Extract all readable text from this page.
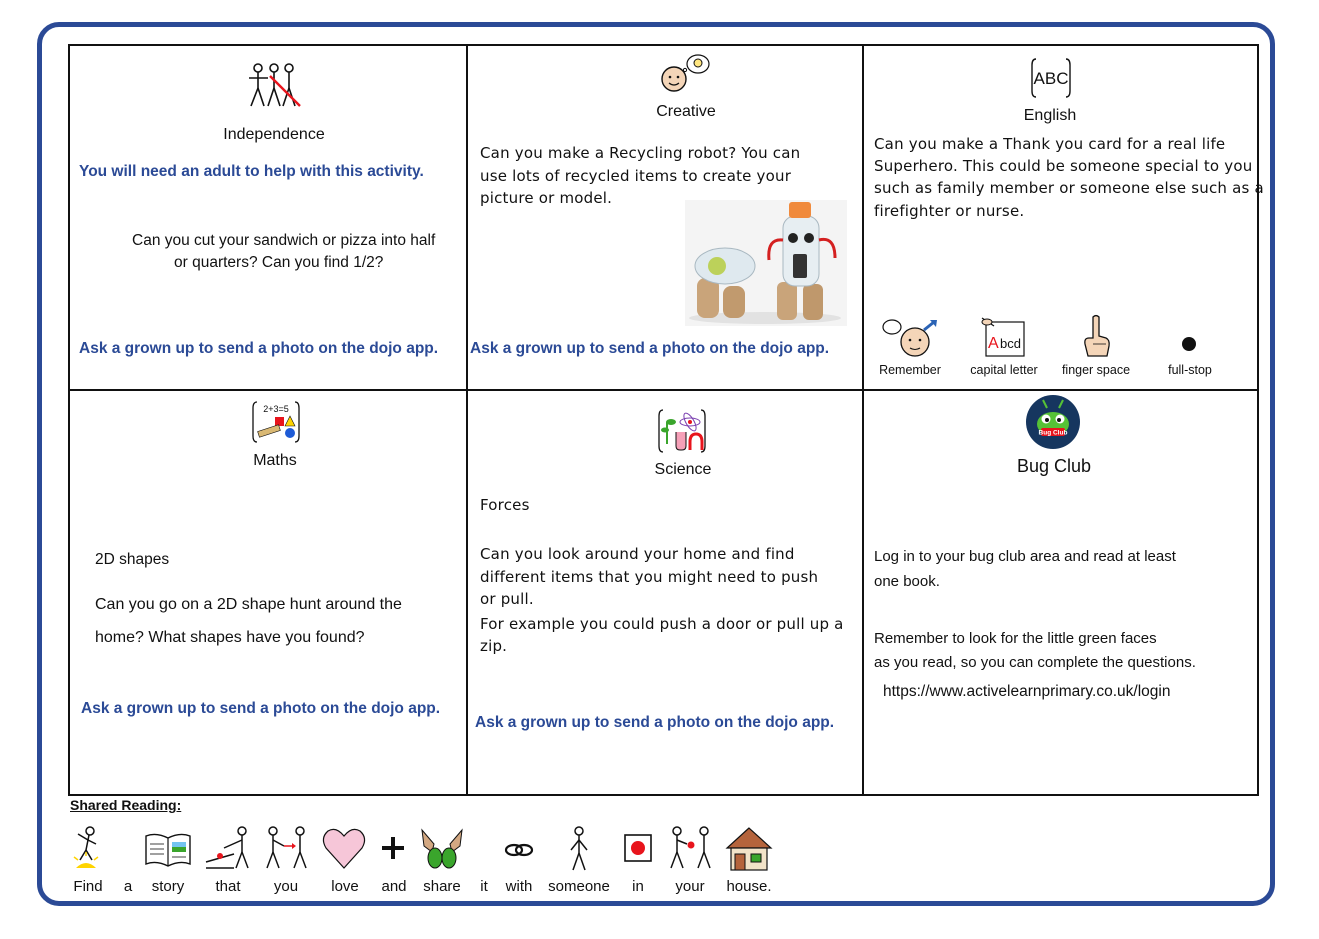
Independence
You will need an adult to help with this activity.
Can you cut your sandwich or pizza into half
or quarters? Can you find 1/2?
Ask a grown up to send a photo on the dojo app.
Creative
Can you make a Recycling robot? You can
use lots of recycled items to create your
picture or model.
Ask a grown up to send a photo on the dojo app.
ABC
English
Can you make a Thank you card for a real life
Superhero. This could be someone special to you
such as family member or someone else such as a
firefighter or nurse.
A bcd
Remember	capital letter	finger space	full-stop
2+3=5
Maths
2D shapes
Can you go on a 2D shape hunt around the
home? What shapes have you found?
Ask a grown up to send a photo on the dojo app.
Science
Forces
Can you look around your home and find
different items that you might need to push
or pull.
For example you could push a door or pull up a
zip.
Ask a grown up to send a photo on the dojo app.
Bug Club
Bug Club
Log in to your bug club area and read at least
one book.
Remember to look for the little green faces
as you read, so you can complete the questions.
https://www.activelearnprimary.co.uk/login
Shared Reading:
Find	a	story	that	you	love	and	share	it	with	someone	in	your	house.
